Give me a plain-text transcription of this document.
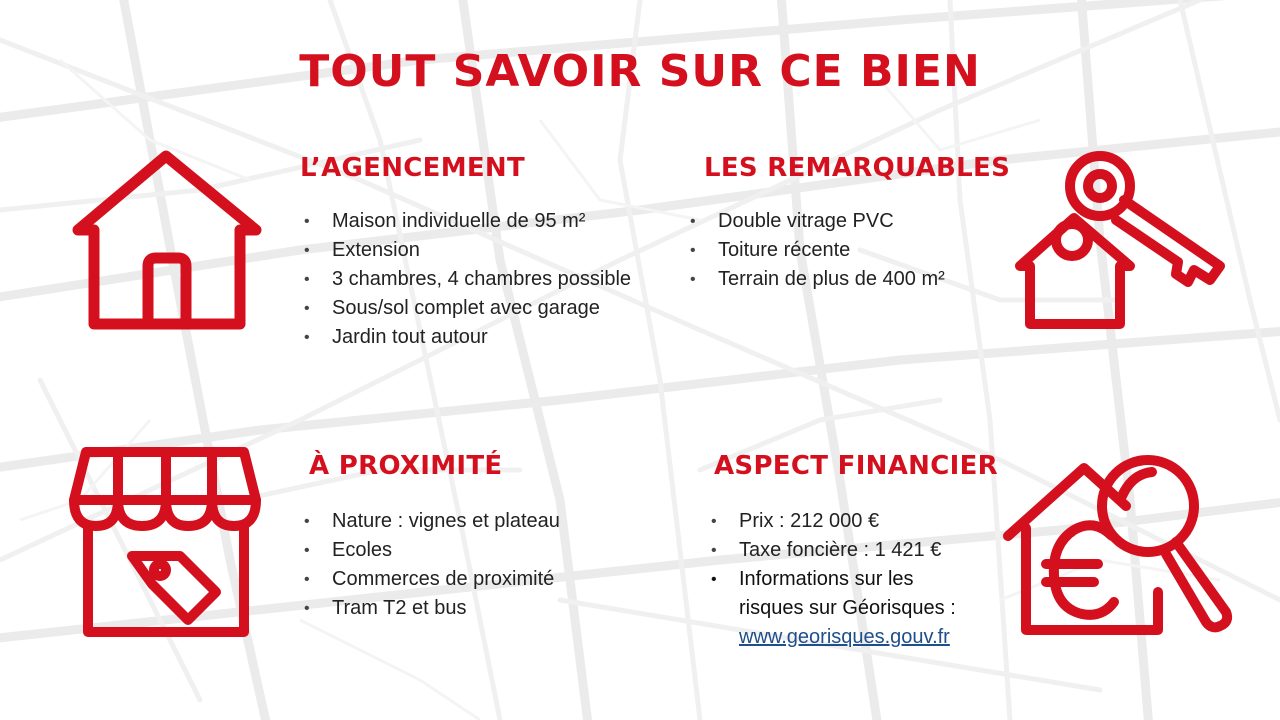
TOUT SAVOIR SUR CE BIEN
L’AGENCEMENT
• Maison individuelle de 95 m²
• Extension
• 3 chambres, 4 chambres possible
• Sous/sol complet avec garage
• Jardin tout autour
LES REMARQUABLES
• Double vitrage PVC
• Toiture récente
• Terrain de plus de 400 m²
À PROXIMITÉ
• Nature : vignes et plateau
• Ecoles
• Commerces de proximité
• Tram T2 et bus
ASPECT FINANCIER
• Prix : 212 000 €
• Taxe foncière : 1 421 €
• Informations sur les
risques sur Géorisques :
www.georisques.gouv.fr
